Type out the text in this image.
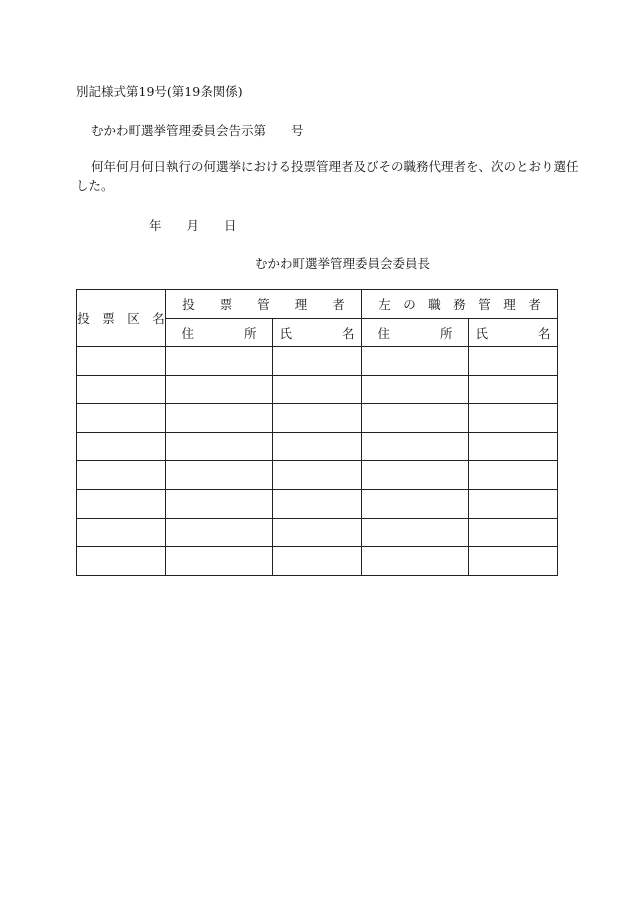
別記様式第19号(第19条関係)
むかわ町選挙管理委員会告示第　　号
何年何月何日執行の何選挙における投票管理者及びその職務代理者を、次のとおり選任
した。
年　　月　　日
むかわ町選挙管理委員会委員長
投　票　区　名	投　　票　　管　　理　　者		左　の　職　務　管　理　者	
	住　　　　所	氏　　　　名	住　　　　所	氏　　　　名
